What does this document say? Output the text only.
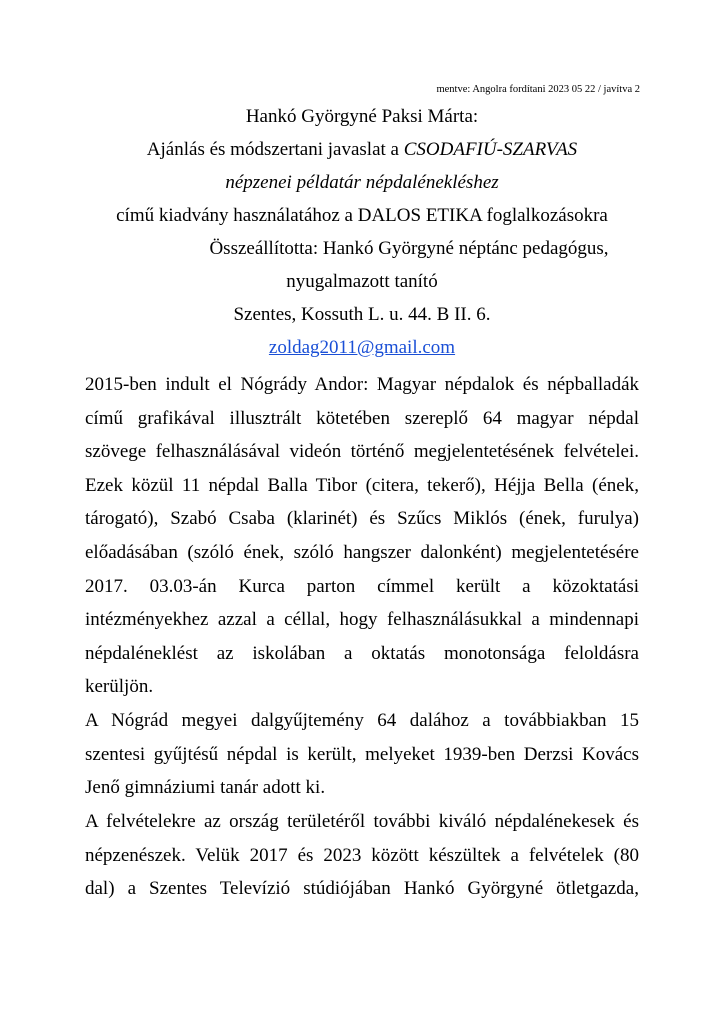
mentve: Angolra fordítani 2023 05 22 / javítva 2
Hankó Györgyné Paksi Márta:
Ajánlás és módszertani javaslat a CSODAFIÚ-SZARVAS
népzenei példatár népdalénekléshez
című kiadvány használatához a DALOS ETIKA foglalkozásokra
Összeállította: Hankó Györgyné néptánc pedagógus,
nyugalmazott tanító
Szentes, Kossuth L. u. 44. B II. 6.
zoldag2011@gmail.com
2015-ben indult el Nógrády Andor: Magyar népdalok és népballadák
című grafikával illusztrált kötetében szereplő 64 magyar népdal
szövege felhasználásával videón történő megjelentetésének felvételei.
Ezek közül 11 népdal Balla Tibor (citera, tekerő), Héjja Bella (ének,
tárogató), Szabó Csaba (klarinét) és Szűcs Miklós (ének, furulya)
előadásában (szóló ének, szóló hangszer dalonként) megjelentetésére
2017. 03.03-án Kurca parton címmel került a közoktatási
intézményekhez azzal a céllal, hogy felhasználásukkal a mindennapi
népdaléneklést az iskolában a oktatás monotonsága feloldásra
kerüljön.
A Nógrád megyei dalgyűjtemény 64 dalához a továbbiakban 15
szentesi gyűjtésű népdal is került, melyeket 1939-ben Derzsi Kovács
Jenő gimnáziumi tanár adott ki.
A felvételekre az ország területéről további kiváló népdalénekesek és
népzenészek. Velük 2017 és 2023 között készültek a felvételek (80
dal) a Szentes Televízió stúdiójában Hankó Györgyné ötletgazda,
